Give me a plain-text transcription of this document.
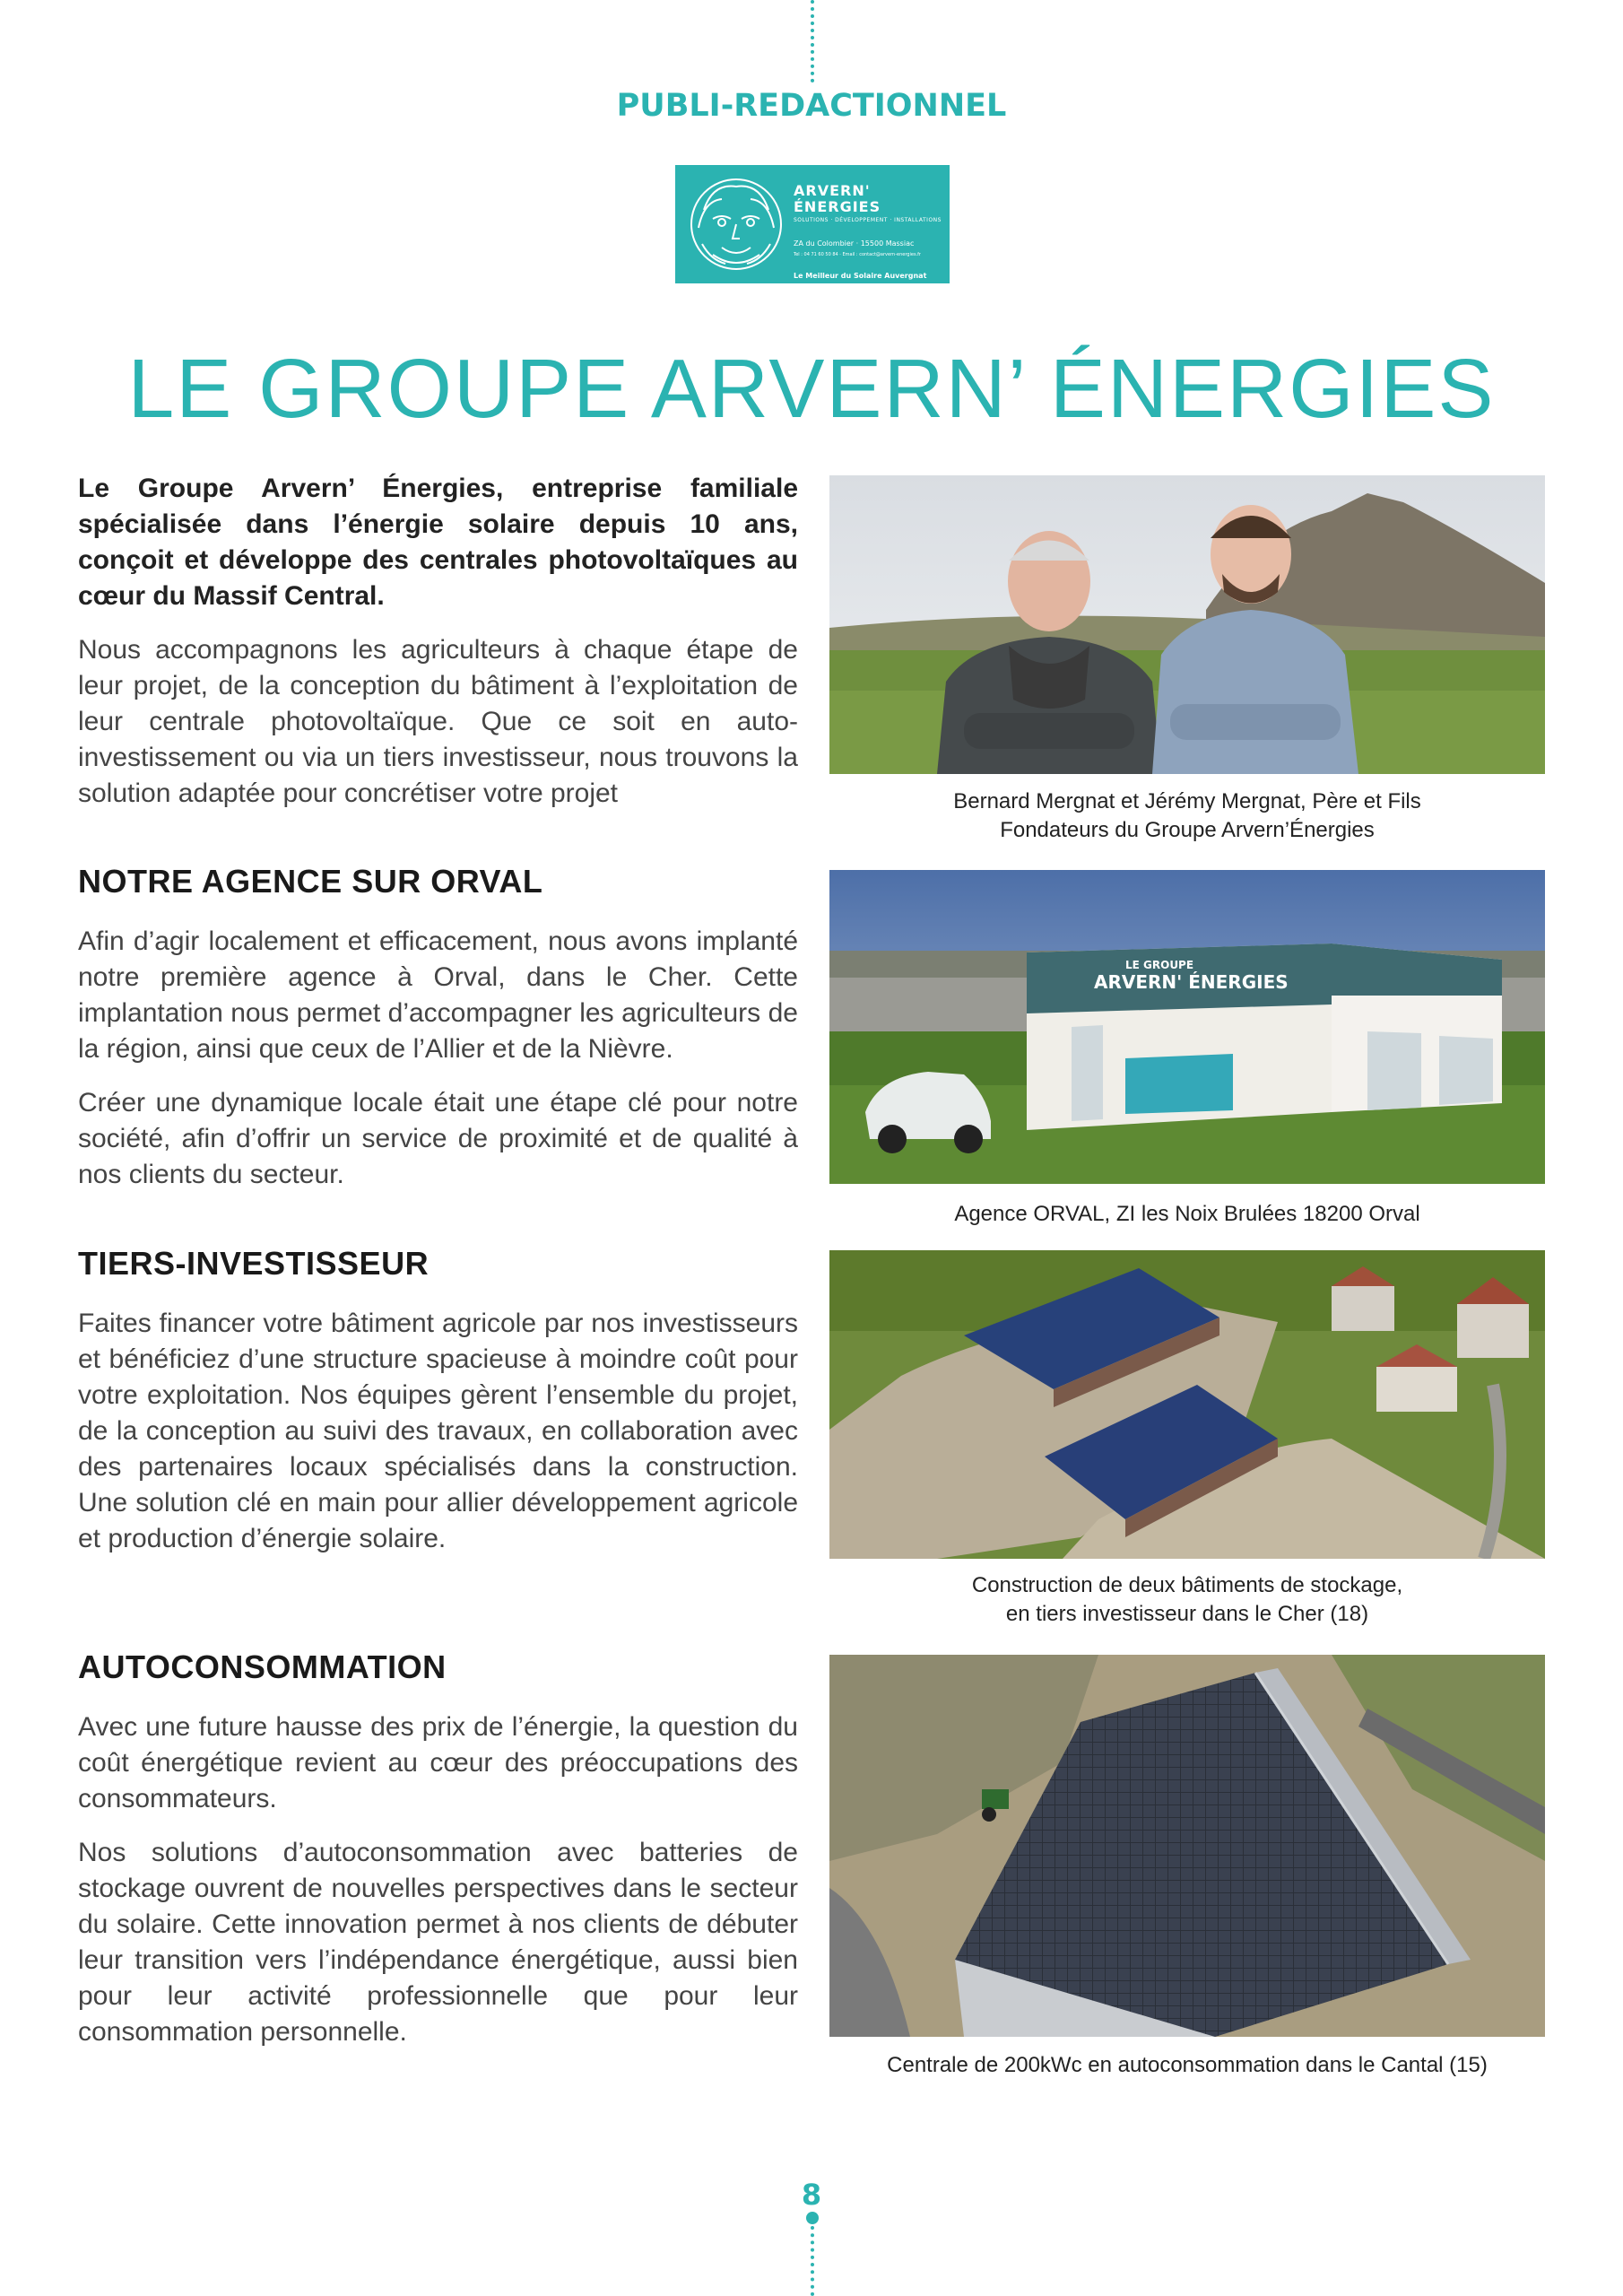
PUBLI-REDACTIONNEL
ARVERN' ÉNERGIES
SOLUTIONS · DÉVELOPPEMENT · INSTALLATIONS
ZA du Colombier · 15500 Massiac
Tel : 04 71 60 50 84 · Email : contact@arvern-energies.fr
Le Meilleur du Solaire Auvergnat
LE GROUPE ARVERN’ ÉNERGIES

Le Groupe Arvern’ Énergies, entreprise familiale spécialisée dans l’énergie solaire depuis 10 ans, conçoit et développe des centrales photovoltaïques au cœur du Massif Central.

Nous accompagnons les agriculteurs à chaque étape de leur projet, de la conception du bâtiment à l’exploitation de leur centrale photovoltaïque. Que ce soit en auto-investissement ou via un tiers investisseur, nous trouvons la solution adaptée pour concrétiser votre projet

NOTRE AGENCE SUR ORVAL

Afin d’agir localement et efficacement, nous avons implanté notre première agence à Orval, dans le Cher. Cette implantation nous permet d’accompagner les agriculteurs de la région, ainsi que ceux de l’Allier et de la Nièvre.

Créer une dynamique locale était une étape clé pour notre société, afin d’offrir un service de proximité et de qualité à nos clients du secteur.

TIERS-INVESTISSEUR

Faites financer votre bâtiment agricole par nos investisseurs et bénéficiez d’une structure spacieuse à moindre coût pour votre exploitation. Nos équipes gèrent l’ensemble du projet, de la conception au suivi des travaux, en collaboration avec des partenaires locaux spécialisés dans la construction. Une solution clé en main pour allier développement agricole et production d’énergie solaire.

AUTOCONSOMMATION

Avec une future hausse des prix de l’énergie, la question du coût énergétique revient au cœur des préoccupations des consommateurs.

Nos solutions d’autoconsommation avec batteries de stockage ouvrent de nouvelles perspectives dans le secteur du solaire. Cette innovation permet à nos clients de débuter leur transition vers l’indépendance énergétique, aussi bien pour leur activité professionnelle que pour leur consommation personnelle.

Bernard Mergnat et Jérémy Mergnat, Père et Fils
Fondateurs du Groupe Arvern’Énergies
LE GROUPE
ARVERN' ÉNERGIES
Agence ORVAL, ZI les Noix Brulées 18200 Orval
Construction de deux bâtiments de stockage,
en tiers investisseur dans le Cher (18)
Centrale de 200kWc en autoconsommation dans le Cantal (15)
8
